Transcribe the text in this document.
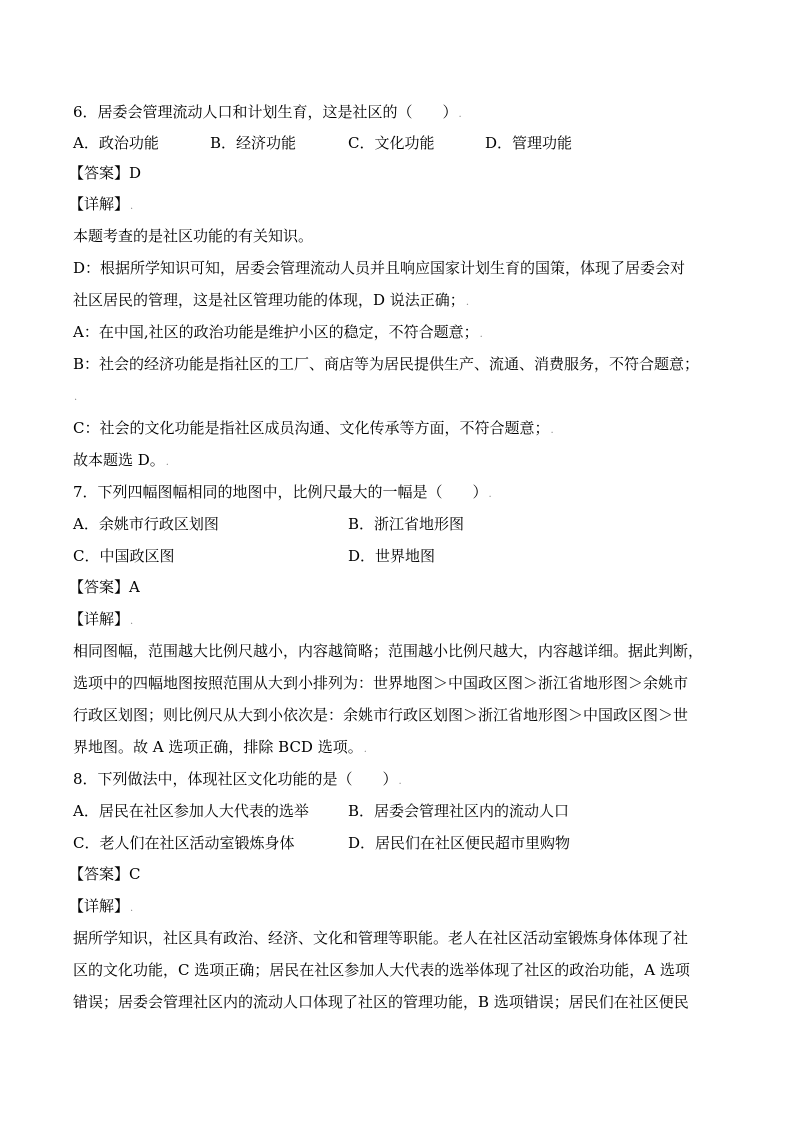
6．居委会管理流动人口和计划生育，这是社区的（　　）.
A．政治功能	B．经济功能	C．文化功能	D．管理功能
【答案】D
【详解】.
本题考查的是社区功能的有关知识。
D：根据所学知识可知，居委会管理流动人员并且响应国家计划生育的国策，体现了居委会对
社区居民的管理，这是社区管理功能的体现，D 说法正确；.
A：在中国,社区的政治功能是维护小区的稳定，不符合题意；.
B：社会的经济功能是指社区的工厂、商店等为居民提供生产、流通、消费服务，不符合题意；
.
C：社会的文化功能是指社区成员沟通、文化传承等方面，不符合题意；.
故本题选 D。.
7．下列四幅图幅相同的地图中，比例尺最大的一幅是（　　）.
A．余姚市行政区划图	B．浙江省地形图
C．中国政区图	D．世界地图
【答案】A
【详解】.
相同图幅，范围越大比例尺越小，内容越简略；范围越小比例尺越大，内容越详细。据此判断，
选项中的四幅地图按照范围从大到小排列为：世界地图＞中国政区图＞浙江省地形图＞余姚市
行政区划图；则比例尺从大到小依次是：余姚市行政区划图＞浙江省地形图＞中国政区图＞世
界地图。故 A 选项正确，排除 BCD 选项。.
8．下列做法中，体现社区文化功能的是（　　）.
A．居民在社区参加人大代表的选举	B．居委会管理社区内的流动人口
C．老人们在社区活动室锻炼身体	D．居民们在社区便民超市里购物
【答案】C
【详解】.
据所学知识，社区具有政治、经济、文化和管理等职能。老人在社区活动室锻炼身体体现了社
区的文化功能，C 选项正确；居民在社区参加人大代表的选举体现了社区的政治功能，A 选项
错误；居委会管理社区内的流动人口体现了社区的管理功能，B 选项错误；居民们在社区便民
